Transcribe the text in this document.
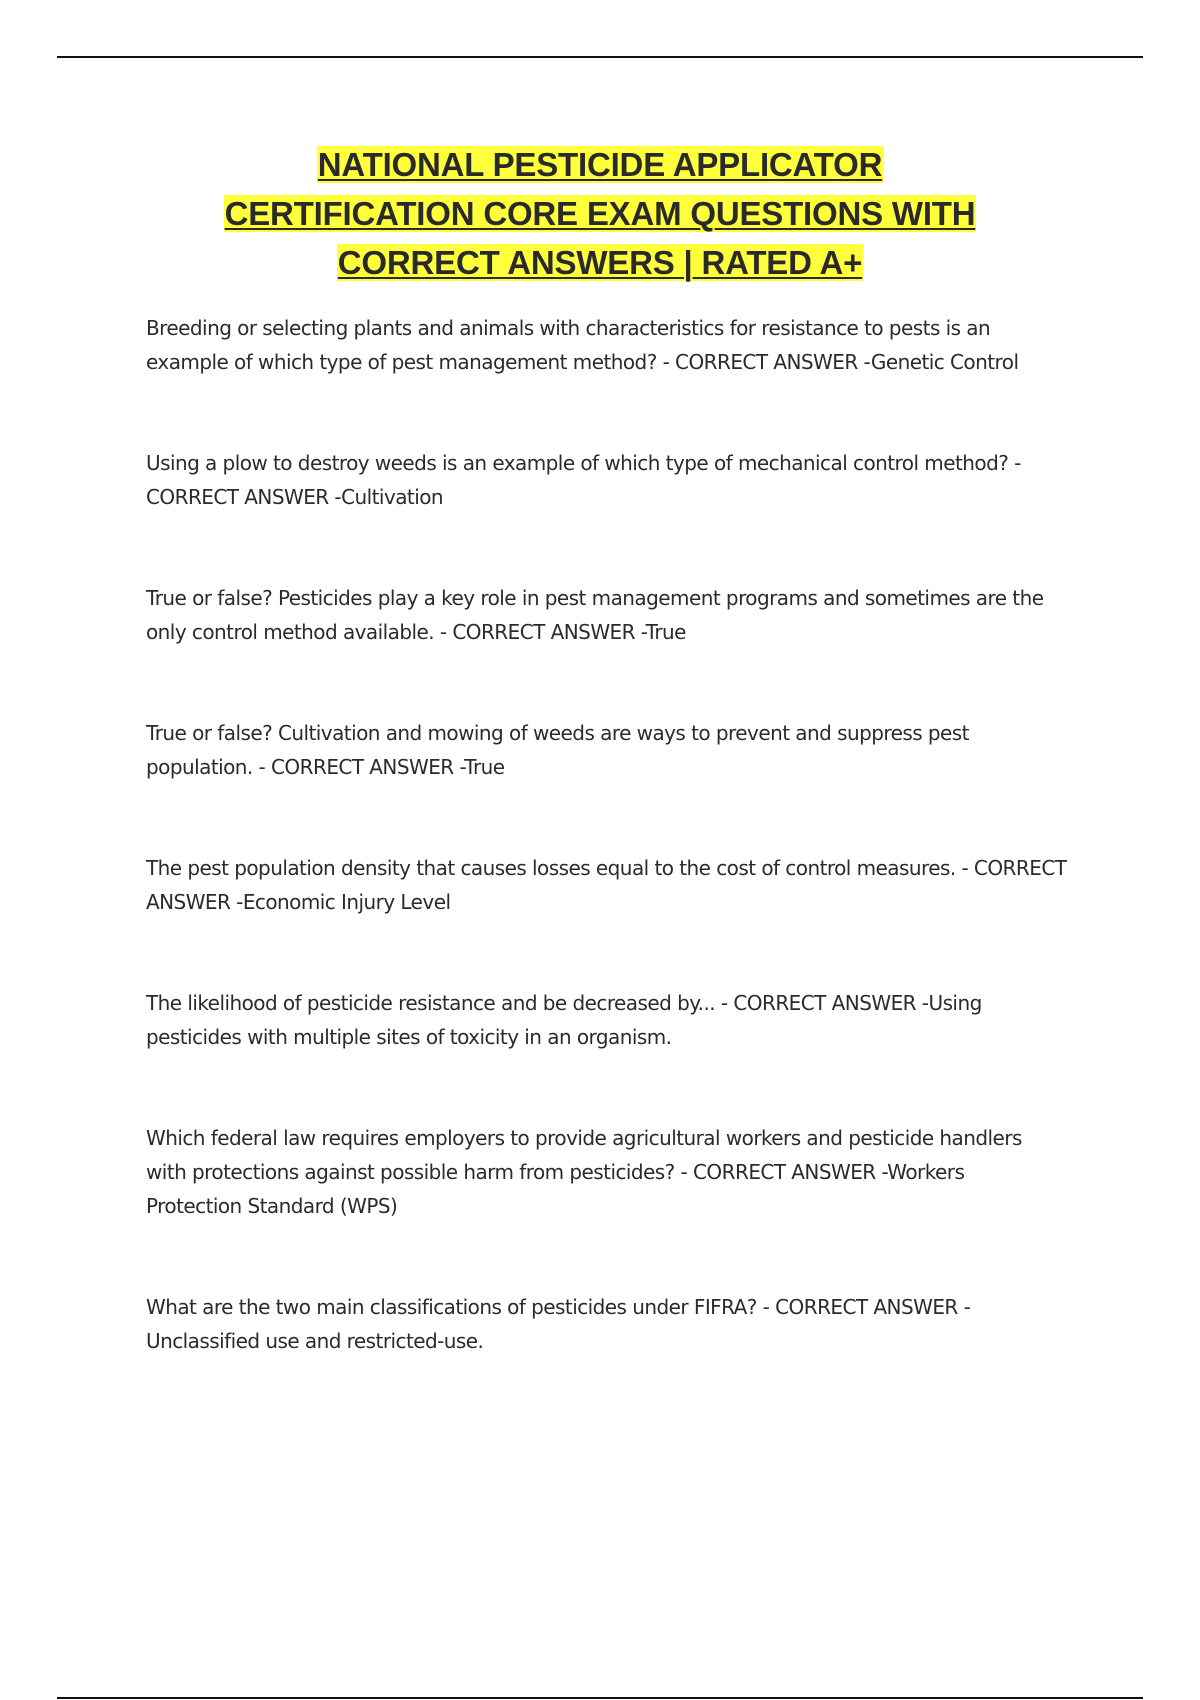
NATIONAL PESTICIDE APPLICATOR

CERTIFICATION CORE EXAM QUESTIONS WITH

CORRECT ANSWERS | RATED A+

Breeding or selecting plants and animals with characteristics for resistance to pests is an
example of which type of pest management method? - CORRECT ANSWER -Genetic Control
Using a plow to destroy weeds is an example of which type of mechanical control method? -
CORRECT ANSWER -Cultivation
True or false? Pesticides play a key role in pest management programs and sometimes are the
only control method available. - CORRECT ANSWER -True
True or false? Cultivation and mowing of weeds are ways to prevent and suppress pest
population. - CORRECT ANSWER -True
The pest population density that causes losses equal to the cost of control measures. - CORRECT
ANSWER -Economic Injury Level
The likelihood of pesticide resistance and be decreased by... - CORRECT ANSWER -Using
pesticides with multiple sites of toxicity in an organism.
Which federal law requires employers to provide agricultural workers and pesticide handlers
with protections against possible harm from pesticides? - CORRECT ANSWER -Workers
Protection Standard (WPS)
What are the two main classifications of pesticides under FIFRA? - CORRECT ANSWER -
Unclassified use and restricted-use.
